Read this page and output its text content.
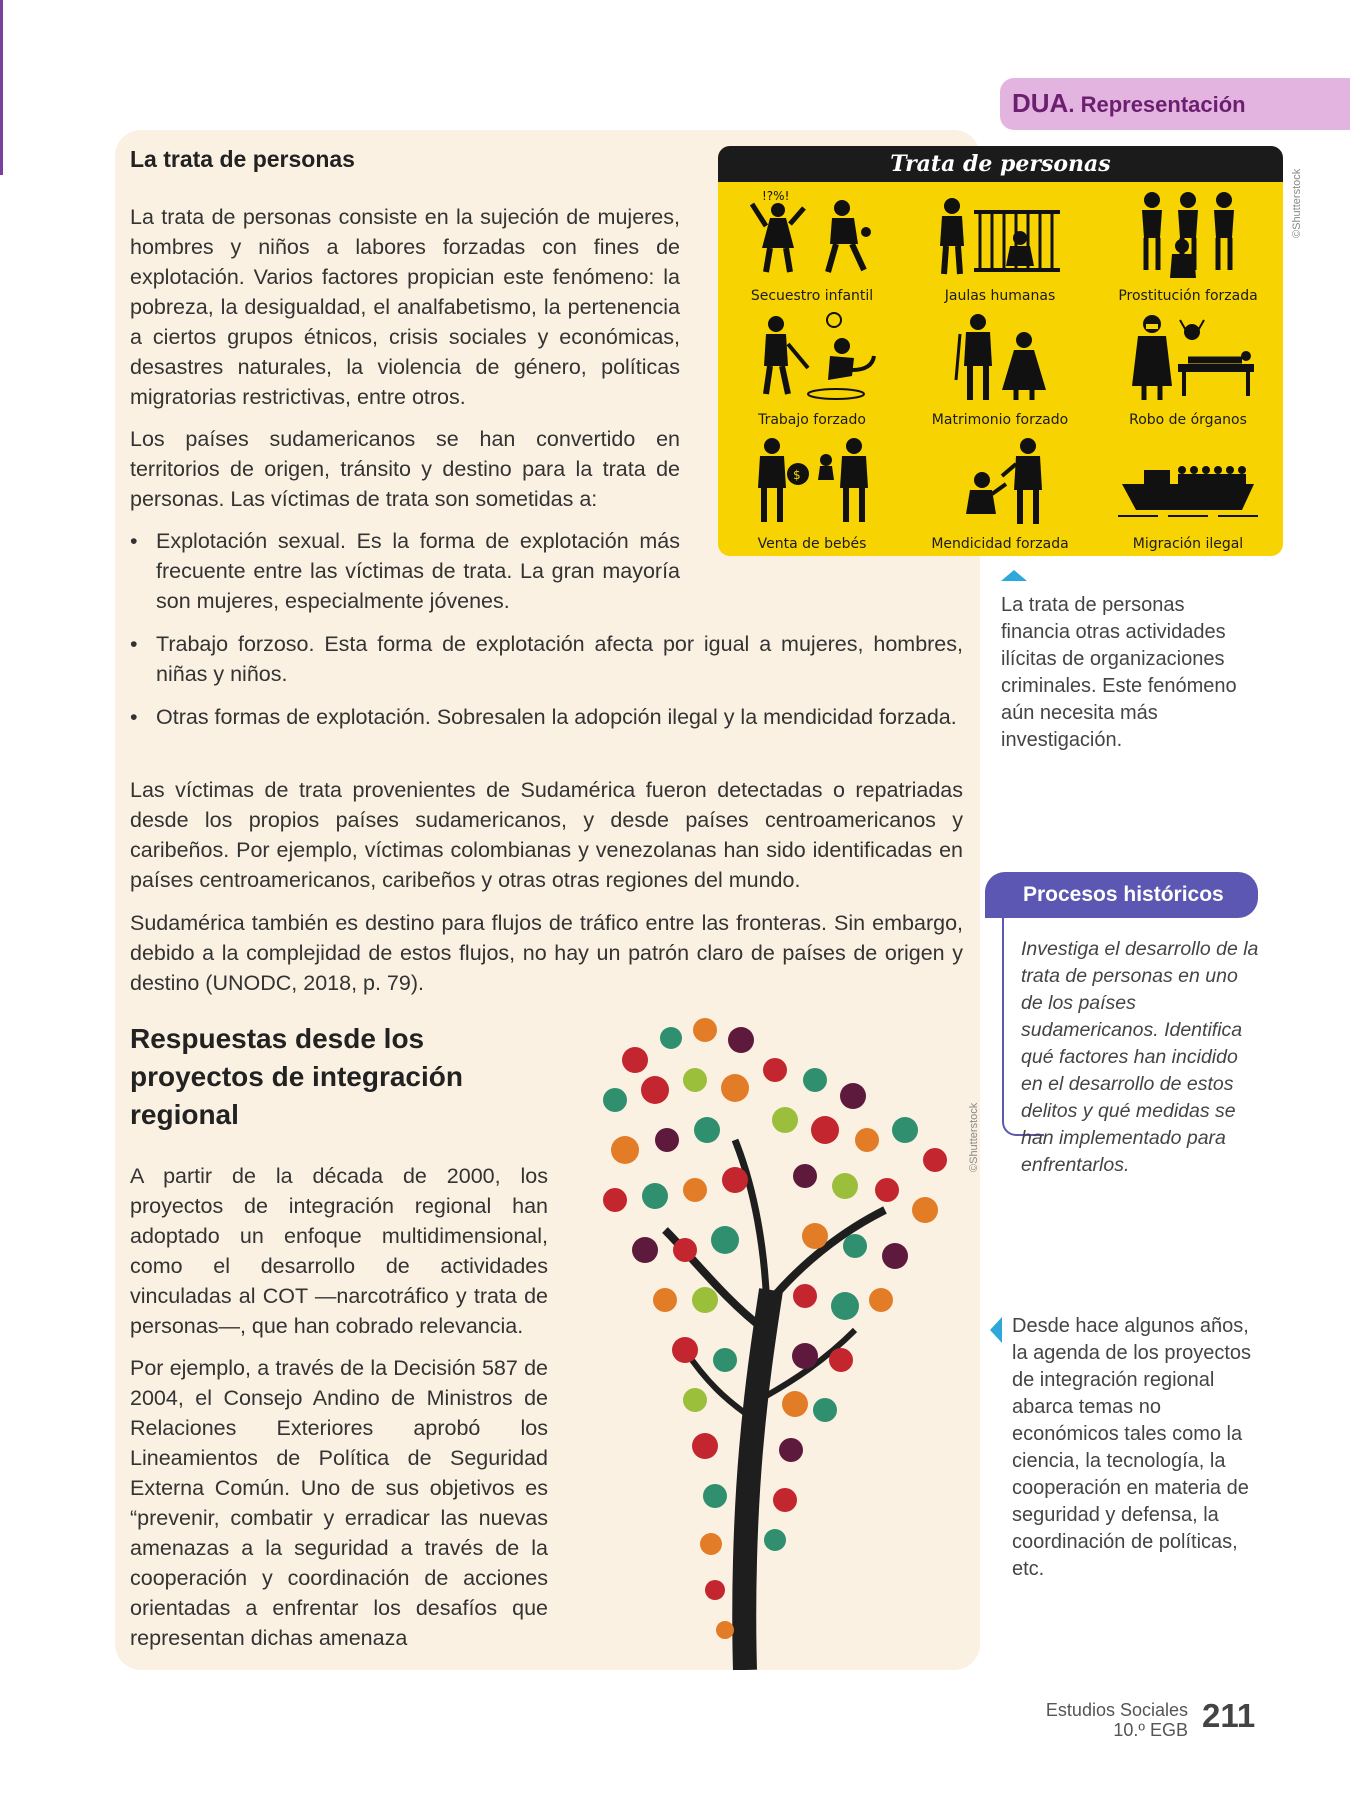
DUA. Representación
La trata de personas

La trata de personas consiste en la sujeción de mujeres, hombres y niños a labores forzadas con fines de explotación. Varios factores propician este fenómeno: la pobreza, la desigualdad, el analfabetismo, la pertenencia a ciertos grupos étnicos, crisis sociales y económicas, desastres naturales, la violencia de género, políticas migratorias restrictivas, entre otros.

Los países sudamericanos se han convertido en territorios de origen, tránsito y destino para la trata de personas. Las víctimas de trata son sometidas a:

• Explotación sexual. Es la forma de explotación más frecuente entre las víctimas de trata. La gran mayoría son mujeres, especialmente jóvenes.
• Trabajo forzoso. Esta forma de explotación afecta por igual a mujeres, hombres, niñas y niños.
• Otras formas de explotación. Sobresalen la adopción ilegal y la mendicidad forzada.

Las víctimas de trata provenientes de Sudamérica fueron detectadas o repatriadas desde los propios países sudamericanos, y desde países centroamericanos y caribeños. Por ejemplo, víctimas colombianas y venezolanas han sido identificadas en países centroamericanos, caribeños y otras otras regiones del mundo.

Sudamérica también es destino para flujos de tráfico entre las fronteras. Sin embargo, debido a la complejidad de estos flujos, no hay un patrón claro de países de origen y destino (UNODC, 2018, p. 79).

Trata de personas
!?%!
Secuestro infantil	Jaulas humanas	Prostitución forzada
Trabajo forzado	Matrimonio forzado	Robo de órganos
$
Venta de bebés	Mendicidad forzada	Migración ilegal
©Shutterstock

La trata de personas financia otras actividades ilícitas de organizaciones criminales. Este fenómeno aún necesita más investigación.

Procesos históricos

Investiga el desarrollo de la trata de personas en uno de los países sudamericanos. Identifica qué factores han incidido en el desarrollo de estos delitos y qué medidas se han implementado para enfrentarlos.

Respuestas desde los proyectos de integración regional

A partir de la década de 2000, los proyectos de integración regional han adoptado un enfoque multidimensional, como el desarrollo de actividades vinculadas al COT —narcotráfico y trata de personas—, que han cobrado relevancia.

Por ejemplo, a través de la Decisión 587 de 2004, el Consejo Andino de Ministros de Relaciones Exteriores aprobó los Lineamientos de Política de Seguridad Externa Común. Uno de sus objetivos es “prevenir, combatir y erradicar las nuevas amenazas a la seguridad a través de la cooperación y coordinación de acciones orientadas a enfrentar los desafíos que representan dichas amenaza

©Shutterstock

Desde hace algunos años, la agenda de los proyectos de integración regional abarca temas no económicos tales como la ciencia, la tecnología, la cooperación en materia de seguridad y defensa, la coordinación de políticas, etc.

Estudios Sociales
10.º EGB 211
